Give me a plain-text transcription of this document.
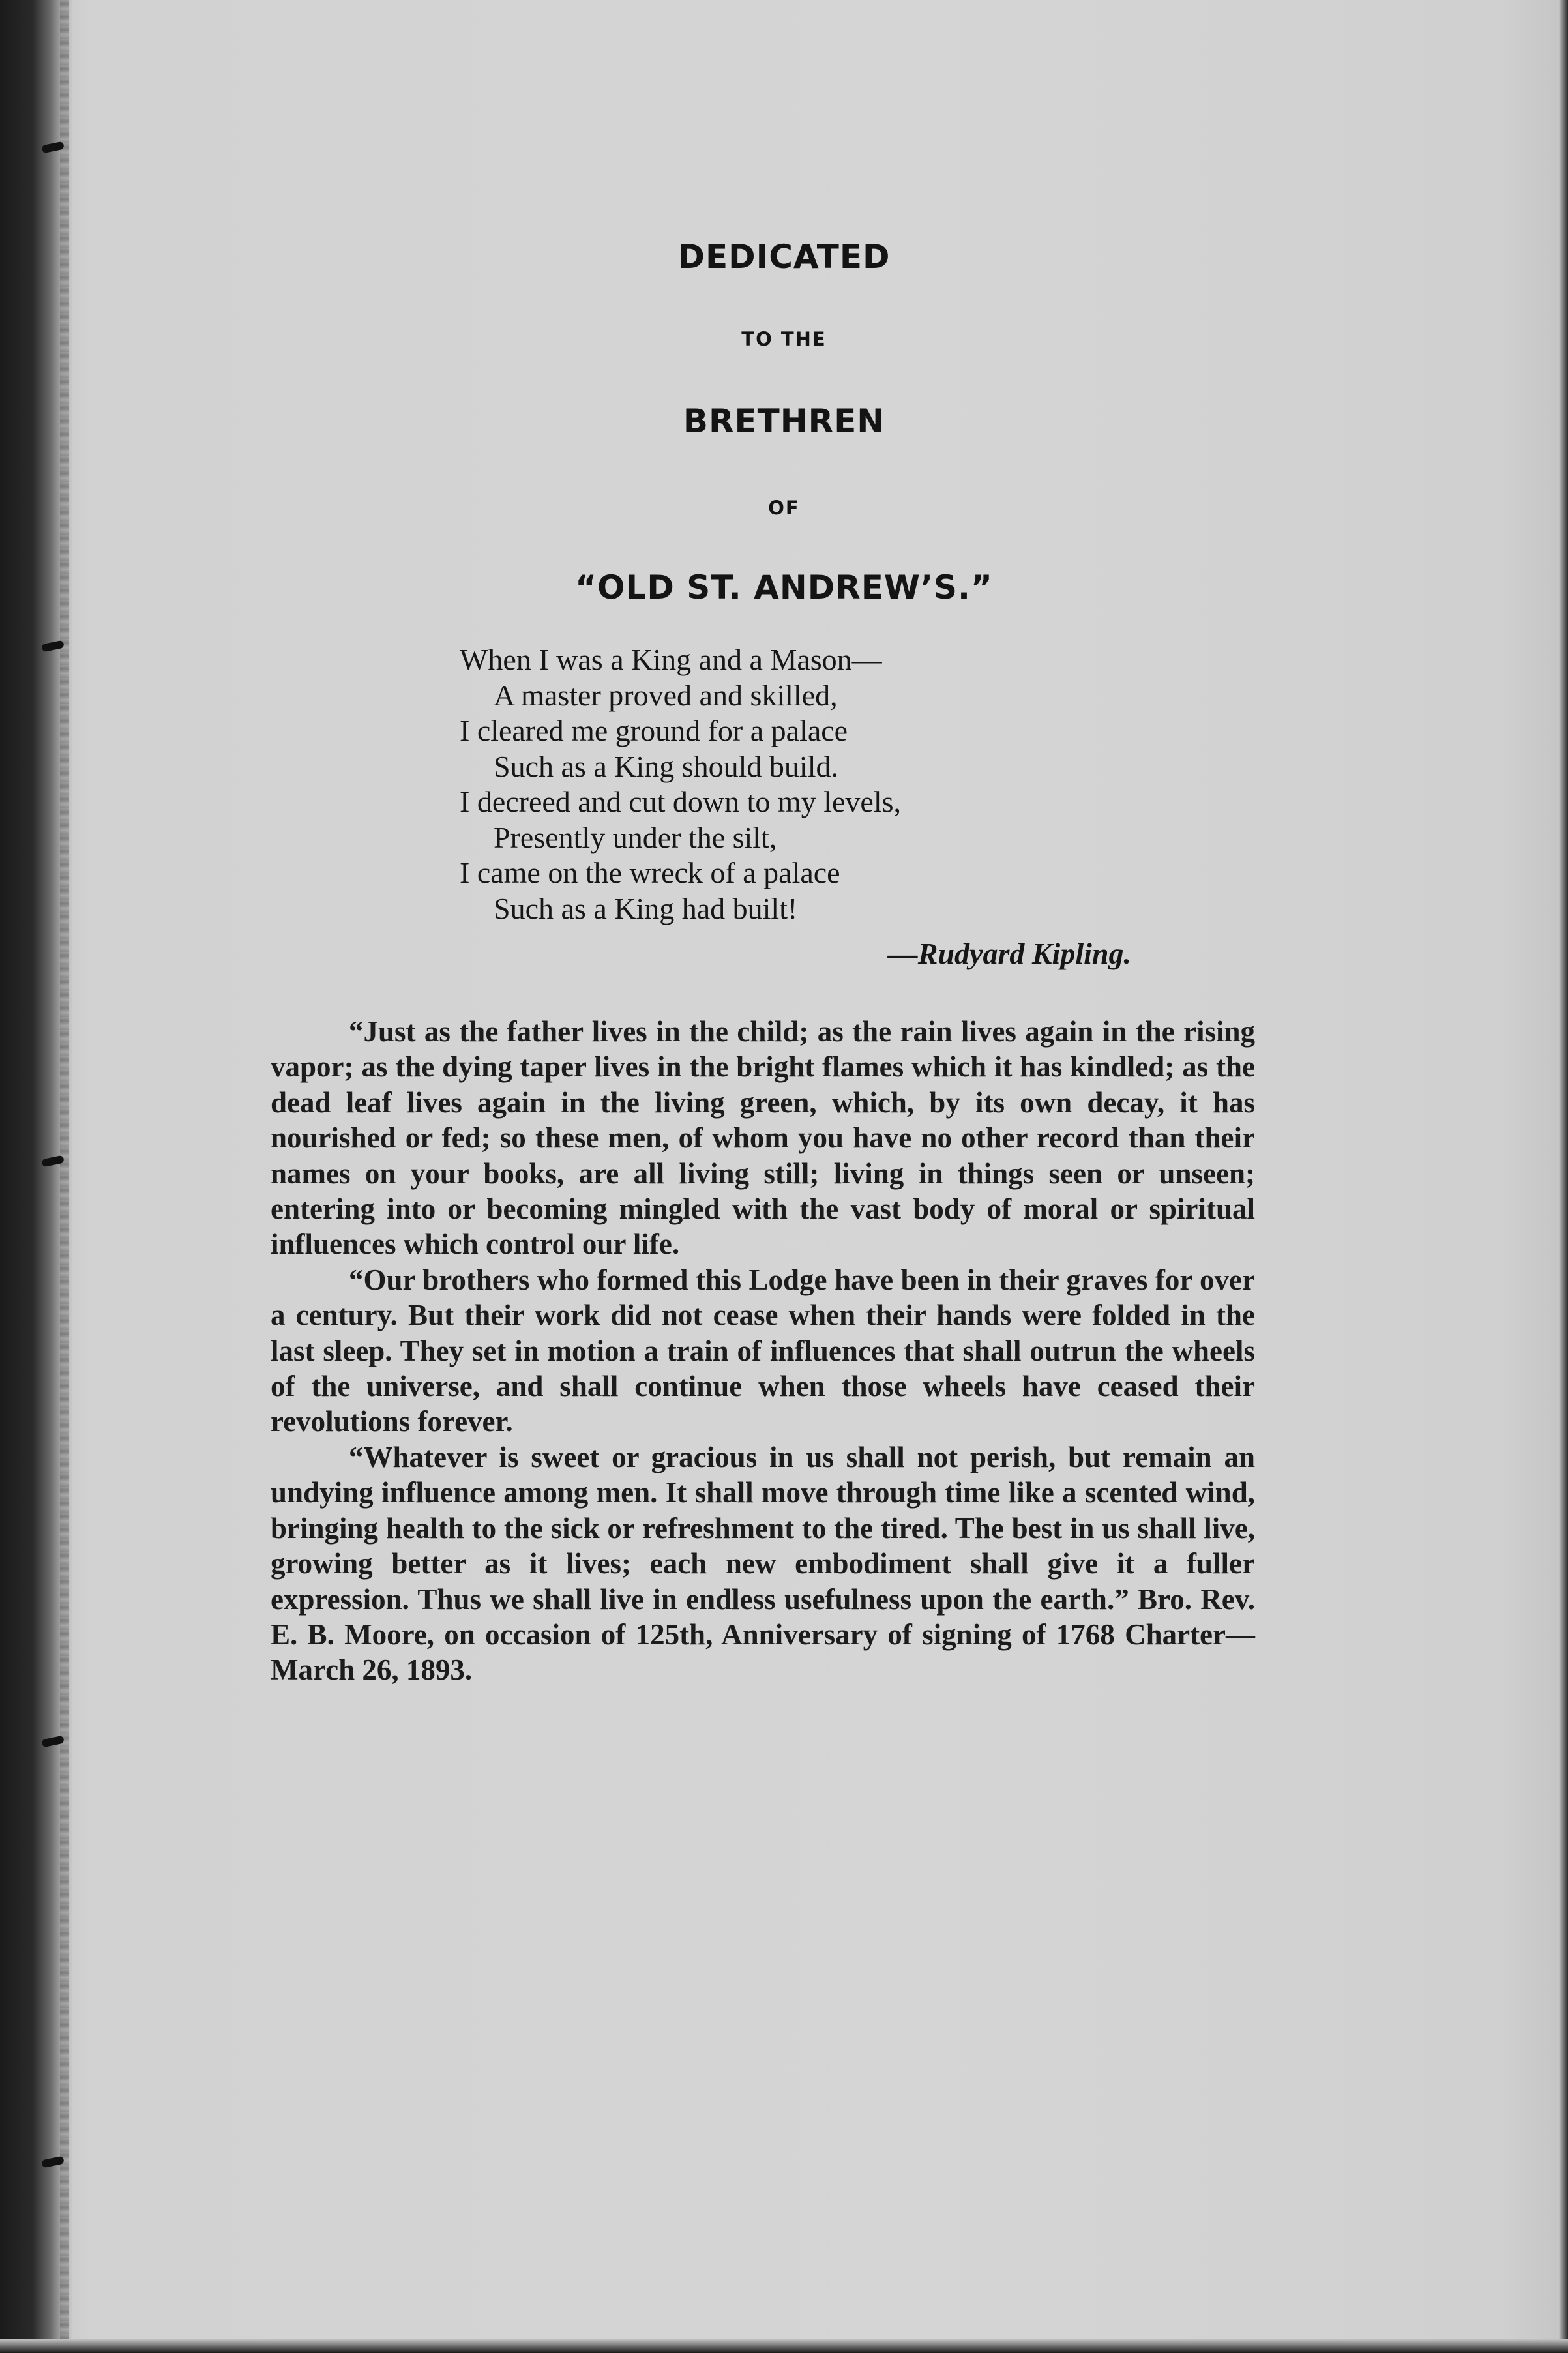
DEDICATED
TO THE
BRETHREN
OF
“OLD ST. ANDREW’S.”
When I was a King and a Mason—
A master proved and skilled,
I cleared me ground for a palace
Such as a King should build.
I decreed and cut down to my levels,
Presently under the silt,
I came on the wreck of a palace
Such as a King had built!
—Rudyard Kipling.

“Just as the father lives in the child; as the rain lives again in the rising vapor; as the dying taper lives in the bright flames which it has kindled; as the dead leaf lives again in the living green, which, by its own decay, it has nourished or fed; so these men, of whom you have no other record than their names on your books, are all living still; living in things seen or unseen; entering into or becoming mingled with the vast body of moral or spiritual influences which control our life.

“Our brothers who formed this Lodge have been in their graves for over a century. But their work did not cease when their hands were folded in the last sleep. They set in motion a train of influences that shall outrun the wheels of the universe, and shall continue when those wheels have ceased their revolutions forever.

“Whatever is sweet or gracious in us shall not perish, but remain an undying influence among men. It shall move through time like a scented wind, bringing health to the sick or refreshment to the tired. The best in us shall live, growing better as it lives; each new embodiment shall give it a fuller expression. Thus we shall live in endless usefulness upon the earth.” Bro. Rev. E. B. Moore, on occasion of 125th, Anniversary of signing of 1768 Charter—March 26, 1893.
